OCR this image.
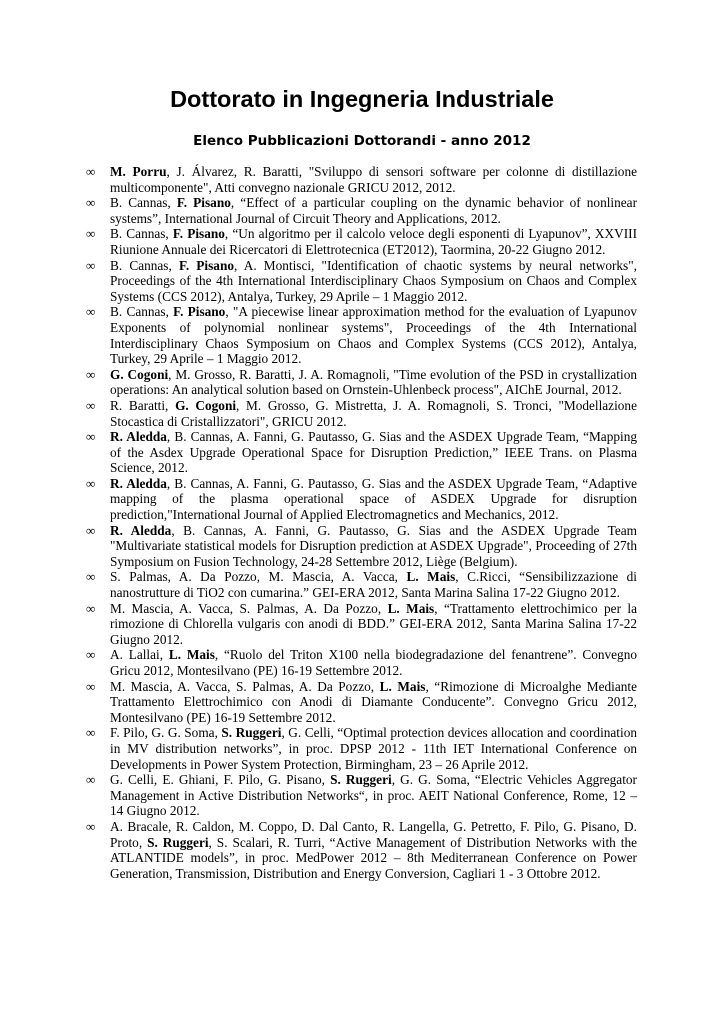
Dottorato in Ingegneria Industriale
Elenco Pubblicazioni Dottorandi - anno 2012
∞ M. Porru, J. Álvarez, R. Baratti, "Sviluppo di sensori software per colonne di distillazione multicomponente", Atti convegno nazionale GRICU 2012, 2012.
∞ B. Cannas, F. Pisano, “Effect of a particular coupling on the dynamic behavior of nonlinear systems”, International Journal of Circuit Theory and Applications, 2012.
∞ B. Cannas, F. Pisano, “Un algoritmo per il calcolo veloce degli esponenti di Lyapunov”, XXVIII Riunione Annuale dei Ricercatori di Elettrotecnica (ET2012), Taormina, 20-22 Giugno 2012.
∞ B. Cannas, F. Pisano, A. Montisci, "Identification of chaotic systems by neural networks", Proceedings of the 4th International Interdisciplinary Chaos Symposium on Chaos and Complex Systems (CCS 2012), Antalya, Turkey, 29 Aprile – 1 Maggio 2012.
∞ B. Cannas, F. Pisano, "A piecewise linear approximation method for the evaluation of Lyapunov Exponents of polynomial nonlinear systems", Proceedings of the 4th International Interdisciplinary Chaos Symposium on Chaos and Complex Systems (CCS 2012), Antalya, Turkey, 29 Aprile – 1 Maggio 2012.
∞ G. Cogoni, M. Grosso, R. Baratti, J. A. Romagnoli, "Time evolution of the PSD in crystallization operations: An analytical solution based on Ornstein-Uhlenbeck process", AIChE Journal, 2012.
∞ R. Baratti, G. Cogoni, M. Grosso, G. Mistretta, J. A. Romagnoli, S. Tronci, "Modellazione Stocastica di Cristallizzatori", GRICU 2012.
∞ R. Aledda, B. Cannas, A. Fanni, G. Pautasso, G. Sias and the ASDEX Upgrade Team, “Mapping of the Asdex Upgrade Operational Space for Disruption Prediction,” IEEE Trans. on Plasma Science, 2012.
∞ R. Aledda, B. Cannas, A. Fanni, G. Pautasso, G. Sias and the ASDEX Upgrade Team, “Adaptive mapping of the plasma operational space of ASDEX Upgrade for disruption prediction,"International Journal of Applied Electromagnetics and Mechanics, 2012.
∞ R. Aledda, B. Cannas, A. Fanni, G. Pautasso, G. Sias and the ASDEX Upgrade Team "Multivariate statistical models for Disruption prediction at ASDEX Upgrade", Proceeding of 27th Symposium on Fusion Technology, 24-28 Settembre 2012, Liège (Belgium).
∞ S. Palmas, A. Da Pozzo, M. Mascia, A. Vacca, L. Mais, C.Ricci, “Sensibilizzazione di nanostrutture di TiO2 con cumarina.” GEI-ERA 2012, Santa Marina Salina 17-22 Giugno 2012.
∞ M. Mascia, A. Vacca, S. Palmas, A. Da Pozzo, L. Mais, “Trattamento elettrochimico per la rimozione di Chlorella vulgaris con anodi di BDD.” GEI-ERA 2012, Santa Marina Salina 17-22 Giugno 2012.
∞ A. Lallai, L. Mais, “Ruolo del Triton X100 nella biodegradazione del fenantrene”. Convegno Gricu 2012, Montesilvano (PE) 16-19 Settembre 2012.
∞ M. Mascia, A. Vacca, S. Palmas, A. Da Pozzo, L. Mais, “Rimozione di Microalghe Mediante Trattamento Elettrochimico con Anodi di Diamante Conducente”. Convegno Gricu 2012, Montesilvano (PE) 16-19 Settembre 2012.
∞ F. Pilo, G. G. Soma, S. Ruggeri, G. Celli, “Optimal protection devices allocation and coordination in MV distribution networks”, in proc. DPSP 2012 - 11th IET International Conference on Developments in Power System Protection, Birmingham, 23 – 26 Aprile 2012.
∞ G. Celli, E. Ghiani, F. Pilo, G. Pisano, S. Ruggeri, G. G. Soma, “Electric Vehicles Aggregator Management in Active Distribution Networks“, in proc. AEIT National Conference, Rome, 12 – 14 Giugno 2012.
∞ A. Bracale, R. Caldon, M. Coppo, D. Dal Canto, R. Langella, G. Petretto, F. Pilo, G. Pisano, D. Proto, S. Ruggeri, S. Scalari, R. Turri, “Active Management of Distribution Networks with the ATLANTIDE models”, in proc. MedPower 2012 – 8th Mediterranean Conference on Power Generation, Transmission, Distribution and Energy Conversion, Cagliari 1 - 3 Ottobre 2012.
